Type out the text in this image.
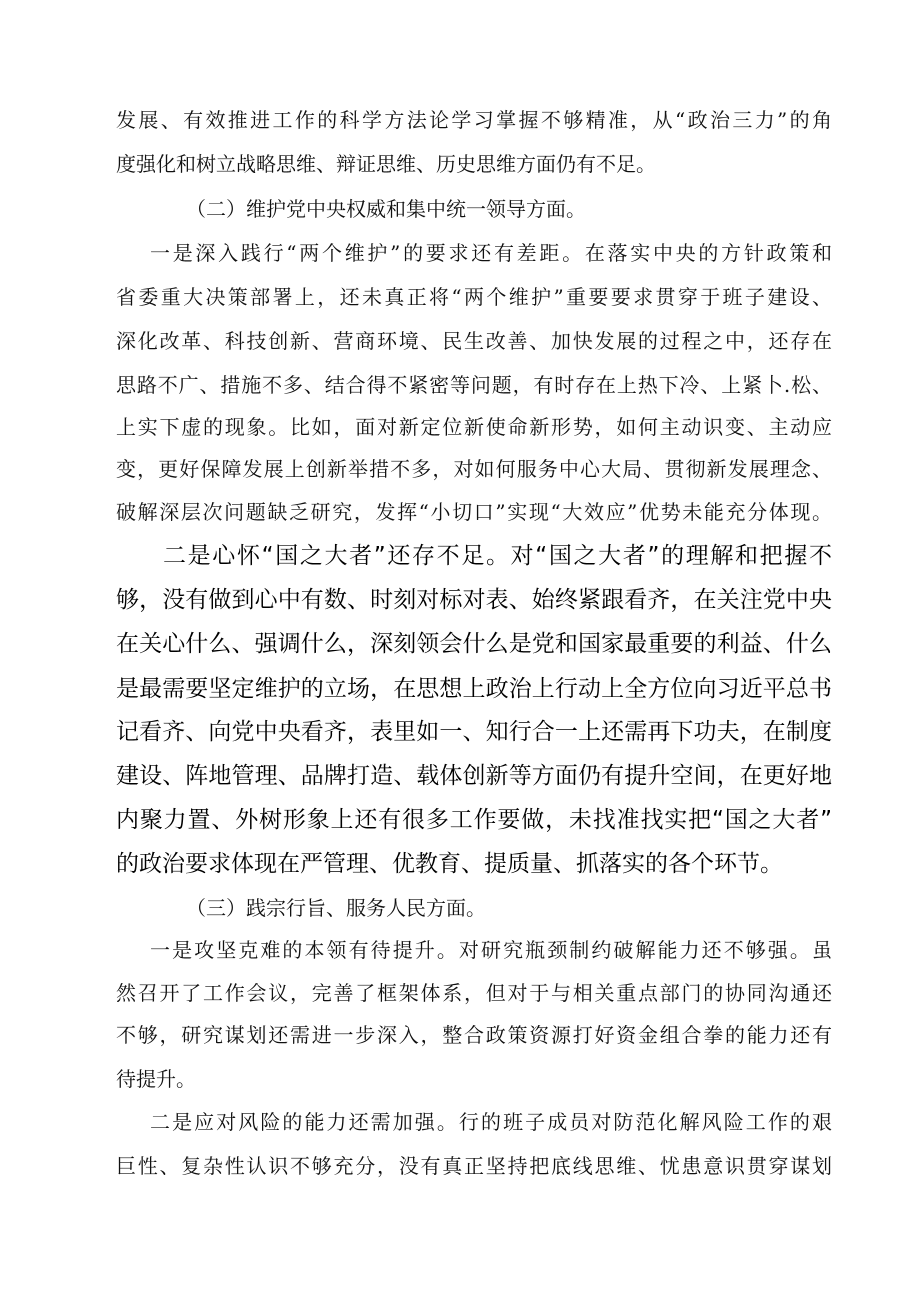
发展、有效推进工作的科学方法论学习掌握不够精准，从“政治三力”的角

度强化和树立战略思维、辩证思维、历史思维方面仍有不足。

（二）维护党中央权威和集中统一领导方面。

一是深入践行“两个维护”的要求还有差距。在落实中央的方针政策和

省委重大决策部署上，还未真正将“两个维护”重要要求贯穿于班子建设、

深化改革、科技创新、营商环境、民生改善、加快发展的过程之中，还存在

思路不广、措施不多、结合得不紧密等问题，有时存在上热下冷、上紧卜.松、

上实下虚的现象。比如，面对新定位新使命新形势，如何主动识变、主动应

变，更好保障发展上创新举措不多，对如何服务中心大局、贯彻新发展理念、

破解深层次问题缺乏研究，发挥“小切口”实现“大效应”优势未能充分体现。

二是心怀“国之大者”还存不足。对“国之大者”的理解和把握不

够，没有做到心中有数、时刻对标对表、始终紧跟看齐，在关注党中央

在关心什么、强调什么，深刻领会什么是党和国家最重要的利益、什么

是最需要坚定维护的立场，在思想上政治上行动上全方位向习近平总书

记看齐、向党中央看齐，表里如一、知行合一上还需再下功夫，在制度

建设、阵地管理、品牌打造、载体创新等方面仍有提升空间，在更好地

内聚力置、外树形象上还有很多工作要做，未找准找实把“国之大者”

的政治要求体现在严管理、优教育、提质量、抓落实的各个环节。

（三）践宗行旨、服务人民方面。

一是攻坚克难的本领有待提升。对研究瓶颈制约破解能力还不够强。虽

然召开了工作会议，完善了框架体系，但对于与相关重点部门的协同沟通还

不够，研究谋划还需进一步深入，整合政策资源打好资金组合拳的能力还有

待提升。

二是应对风险的能力还需加强。行的班子成员对防范化解风险工作的艰

巨性、复杂性认识不够充分，没有真正坚持把底线思维、忧患意识贯穿谋划
